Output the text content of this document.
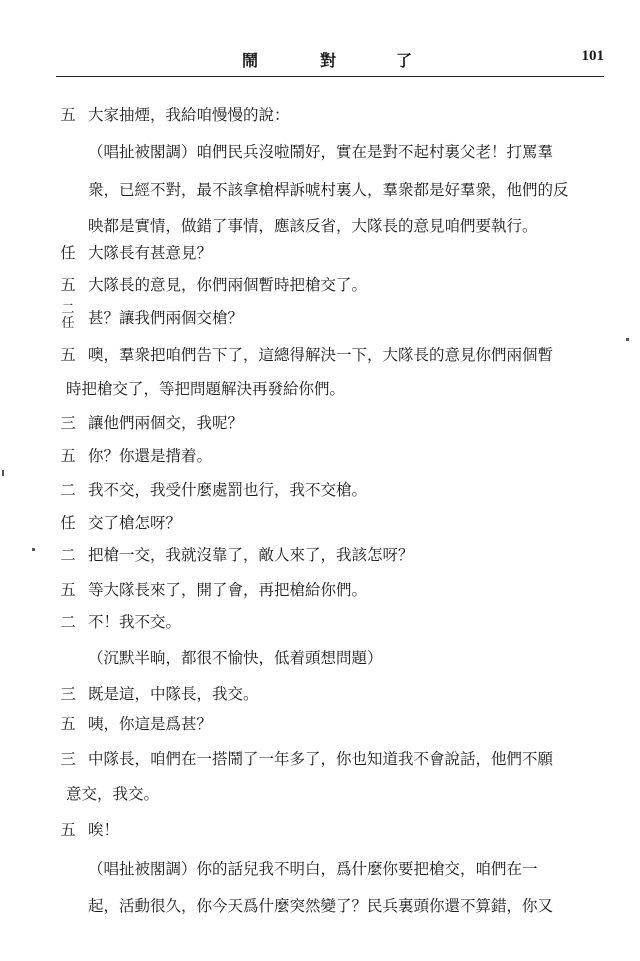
鬧	對	了	101
五 大家抽煙，我給咱慢慢的說：
（唱扯被閣調）咱們民兵沒啦鬧好，實在是對不起村裏父老！打罵羣
衆，已經不對，最不該拿槍桿訴唬村裏人，羣衆都是好羣衆，他們的反
映都是實情，做錯了事情，應該反省，大隊長的意見咱們要執行。
任 大隊長有甚意見？
五 大隊長的意見，你們兩個暫時把槍交了。
二
任 甚？讓我們兩個交槍？
五 噢，羣衆把咱們告下了，這總得解決一下，大隊長的意見你們兩個暫
時把槍交了，等把問題解決再發給你們。
三 讓他們兩個交，我呢？
五 你？你還是揹着。
二 我不交，我受什麼處罰也行，我不交槍。
任 交了槍怎呀？
二 把槍一交，我就沒靠了，敵人來了，我該怎呀？
五 等大隊長來了，開了會，再把槍給你們。
二 不！我不交。
（沉默半晌，都很不愉快，低着頭想問題）
三 既是這，中隊長，我交。
五 咦，你這是爲甚？
三 中隊長，咱們在一搭鬧了一年多了，你也知道我不會說話，他們不願
意交，我交。
五 唉！
（唱扯被閣調）你的話兒我不明白，爲什麼你要把槍交，咱們在一
起，活動很久，你今天爲什麼突然變了？民兵裏頭你還不算錯，你又
